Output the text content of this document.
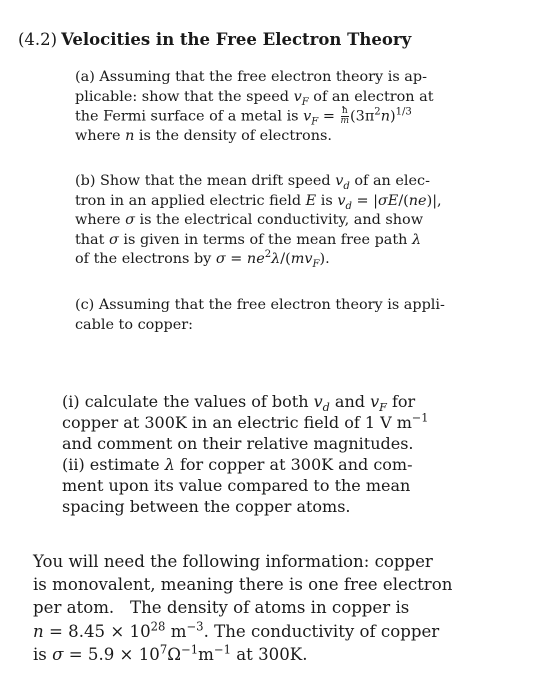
(4.2) Velocities in the Free Electron Theory
(a) Assuming that the free electron theory is ap-
plicable: show that the speed $v_F$ of an electron at
the Fermi surface of a metal is $v_F = \frac{ħ}{m} (3\pi^2n)^{1/3}$
where n is the density of electrons.
(b) Show that the mean drift speed $v_d$ of an elec-
tron in an applied electric field E is $v_d = |\sigma E/(ne)|$,
where σ is the electrical conductivity, and show
that σ is given in terms of the mean free path λ
of the electrons by $\sigma = ne^2\lambda/(mv_F)$.
(c) Assuming that the free electron theory is appli-
cable to copper:
(i) calculate the values of both $v_d$ and $v_F$ for
copper at 300K in an electric field of 1 V $m^{-1}$
and comment on their relative magnitudes.
(ii) estimate λ for copper at 300K and com-
ment upon its value compared to the mean
spacing between the copper atoms.
You will need the following information: copper
is monovalent, meaning there is one free electron
per atom.   The density of atoms in copper is
$n = 8.45 \times 10^{28}$ $m^{-3}$. The conductivity of copper
is $\sigma = 5.9 \times 10^7\Omega^{-1}m^{-1}$ at 300K.
